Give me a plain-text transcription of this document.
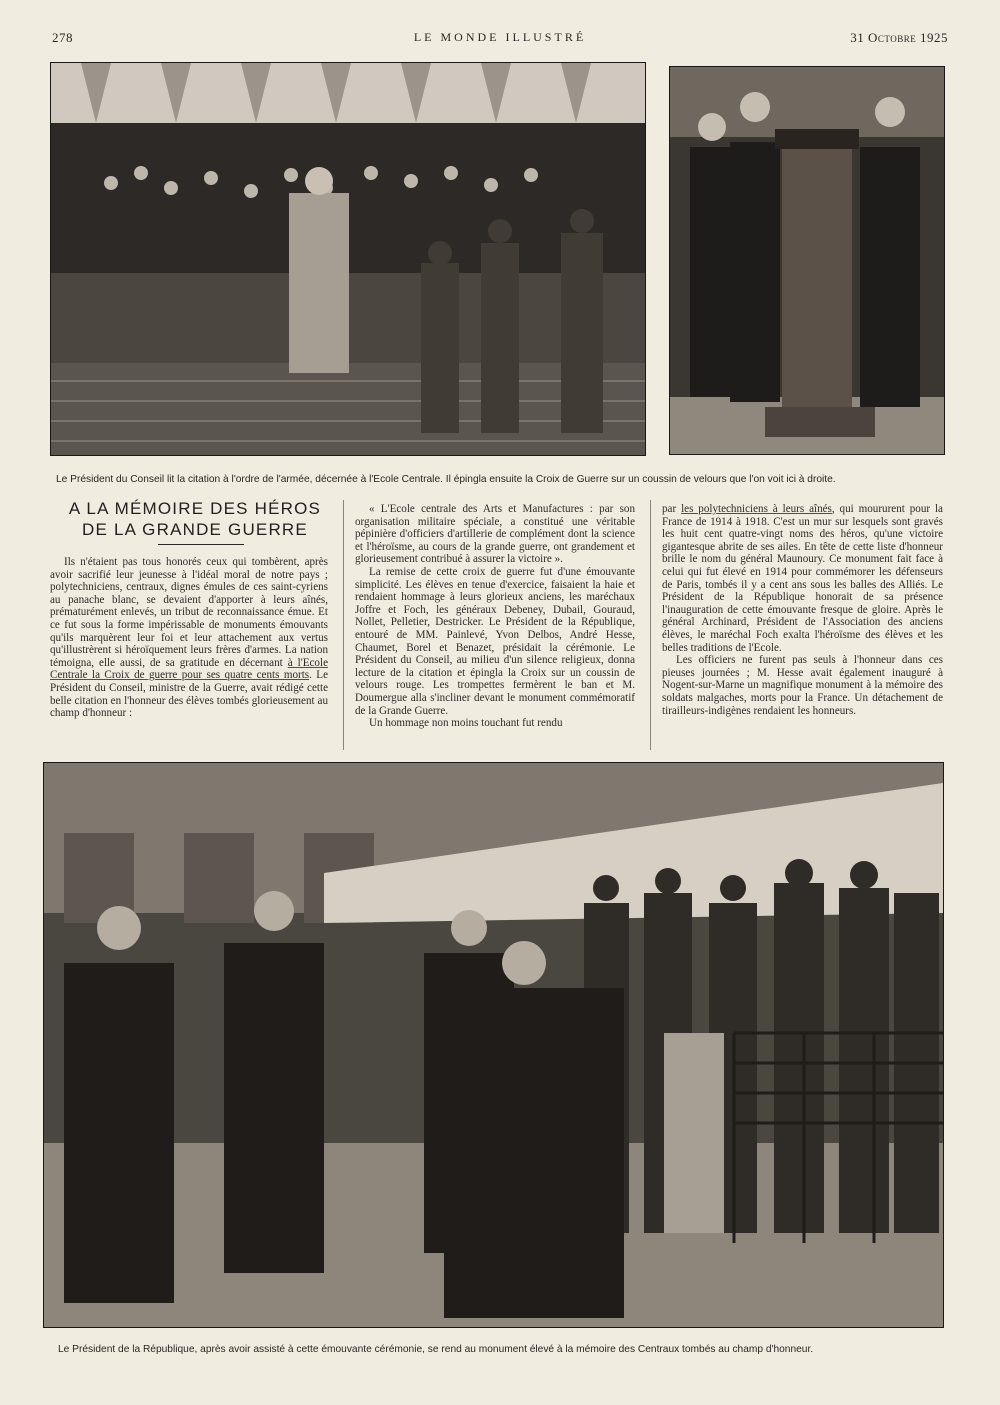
278	LE MONDE ILLUSTRÉ	31 Octobre 1925
Le Président du Conseil lit la citation à l'ordre de l'armée, décernée à l'Ecole Centrale. Il épingla ensuite la Croix de Guerre sur un coussin de velours que l'on voit ici à droite.
A LA MÉMOIRE DES HÉROS
DE LA GRANDE GUERRE

Ils n'étaient pas tous honorés ceux qui tombèrent, après avoir sacrifié leur jeunesse à l'idéal moral de notre pays ; polytechniciens, centraux, dignes émules de ces saint-cyriens au panache blanc, se devaient d'apporter à leurs aînés, prématurément enlevés, un tribut de reconnaissance émue. Et ce fut sous la forme impérissable de monuments émouvants qu'ils marquèrent leur foi et leur attachement aux vertus qu'illustrèrent si héroïquement leurs frères d'armes. La nation témoigna, elle aussi, de sa gratitude en décernant à l'Ecole Centrale la Croix de guerre pour ses quatre cents morts. Le Président du Conseil, ministre de la Guerre, avait rédigé cette belle citation en l'honneur des élèves tombés glorieusement au champ d'honneur :

« L'Ecole centrale des Arts et Manufactures : par son organisation militaire spéciale, a constitué une véritable pépinière d'officiers d'artillerie de complément dont la science et l'héroïsme, au cours de la grande guerre, ont grandement et glorieusement contribué à assurer la victoire ».

La remise de cette croix de guerre fut d'une émouvante simplicité. Les élèves en tenue d'exercice, faisaient la haie et rendaient hommage à leurs glorieux anciens, les maréchaux Joffre et Foch, les généraux Debeney, Dubail, Gouraud, Nollet, Pelletier, Destricker. Le Président de la République, entouré de MM. Painlevé, Yvon Delbos, André Hesse, Chaumet, Borel et Benazet, présidait la cérémonie. Le Président du Conseil, au milieu d'un silence religieux, donna lecture de la citation et épingla la Croix sur un coussin de velours rouge. Les trompettes fermèrent le ban et M. Doumergue alla s'incliner devant le monument commémoratif de la Grande Guerre.

Un hommage non moins touchant fut rendu

par les polytechniciens à leurs aînés, qui moururent pour la France de 1914 à 1918. C'est un mur sur lesquels sont gravés les huit cent quatre-vingt noms des héros, qu'une victoire gigantesque abrite de ses ailes. En tête de cette liste d'honneur brille le nom du général Maunoury. Ce monument fait face à celui qui fut élevé en 1914 pour commémorer les défenseurs de Paris, tombés il y a cent ans sous les balles des Alliés. Le Président de la République honorait de sa présence l'inauguration de cette émouvante fresque de gloire. Après le général Archinard, Président de l'Association des anciens élèves, le maréchal Foch exalta l'héroïsme des élèves et les belles traditions de l'Ecole.

Les officiers ne furent pas seuls à l'honneur dans ces pieuses journées ; M. Hesse avait également inauguré à Nogent-sur-Marne un magnifique monument à la mémoire des soldats malgaches, morts pour la France. Un détachement de tirailleurs-indigènes rendaient les honneurs.

Le Président de la République, après avoir assisté à cette émouvante cérémonie, se rend au monument élevé à la mémoire des Centraux tombés au champ d'honneur.
